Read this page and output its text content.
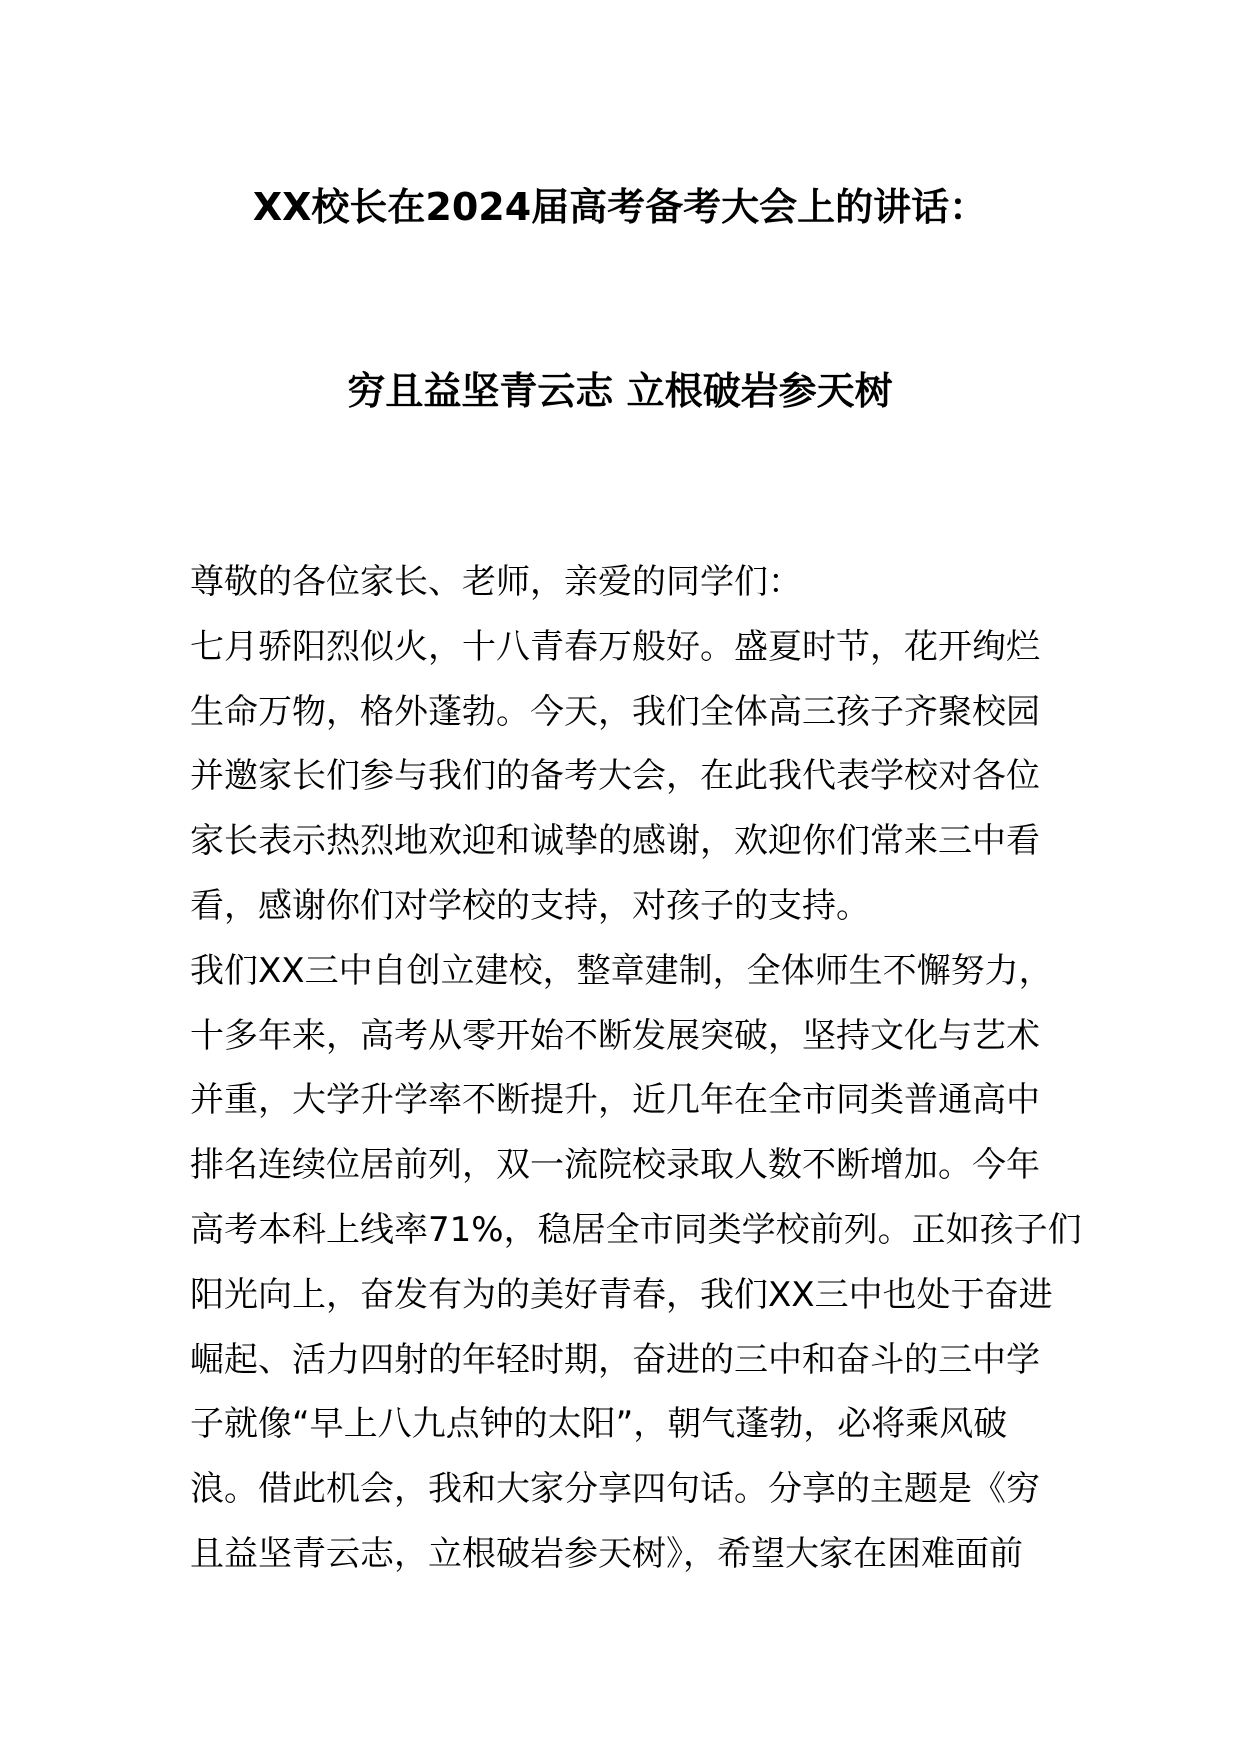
XX校长在2024届高考备考大会上的讲话：
穷且益坚青云志 立根破岩参天树
尊敬的各位家长、老师，亲爱的同学们：
七月骄阳烈似火，十八青春万般好。盛夏时节，花开绚烂
生命万物，格外蓬勃。今天，我们全体高三孩子齐聚校园
并邀家长们参与我们的备考大会，在此我代表学校对各位
家长表示热烈地欢迎和诚挚的感谢，欢迎你们常来三中看
看，感谢你们对学校的支持，对孩子的支持。
我们XX三中自创立建校，整章建制，全体师生不懈努力，
十多年来，高考从零开始不断发展突破，坚持文化与艺术
并重，大学升学率不断提升，近几年在全市同类普通高中
排名连续位居前列，双一流院校录取人数不断增加。今年
高考本科上线率71%，稳居全市同类学校前列。正如孩子们
阳光向上，奋发有为的美好青春，我们XX三中也处于奋进
崛起、活力四射的年轻时期，奋进的三中和奋斗的三中学
子就像“早上八九点钟的太阳”，朝气蓬勃，必将乘风破
浪。借此机会，我和大家分享四句话。分享的主题是《穷
且益坚青云志，立根破岩参天树》，希望大家在困难面前
